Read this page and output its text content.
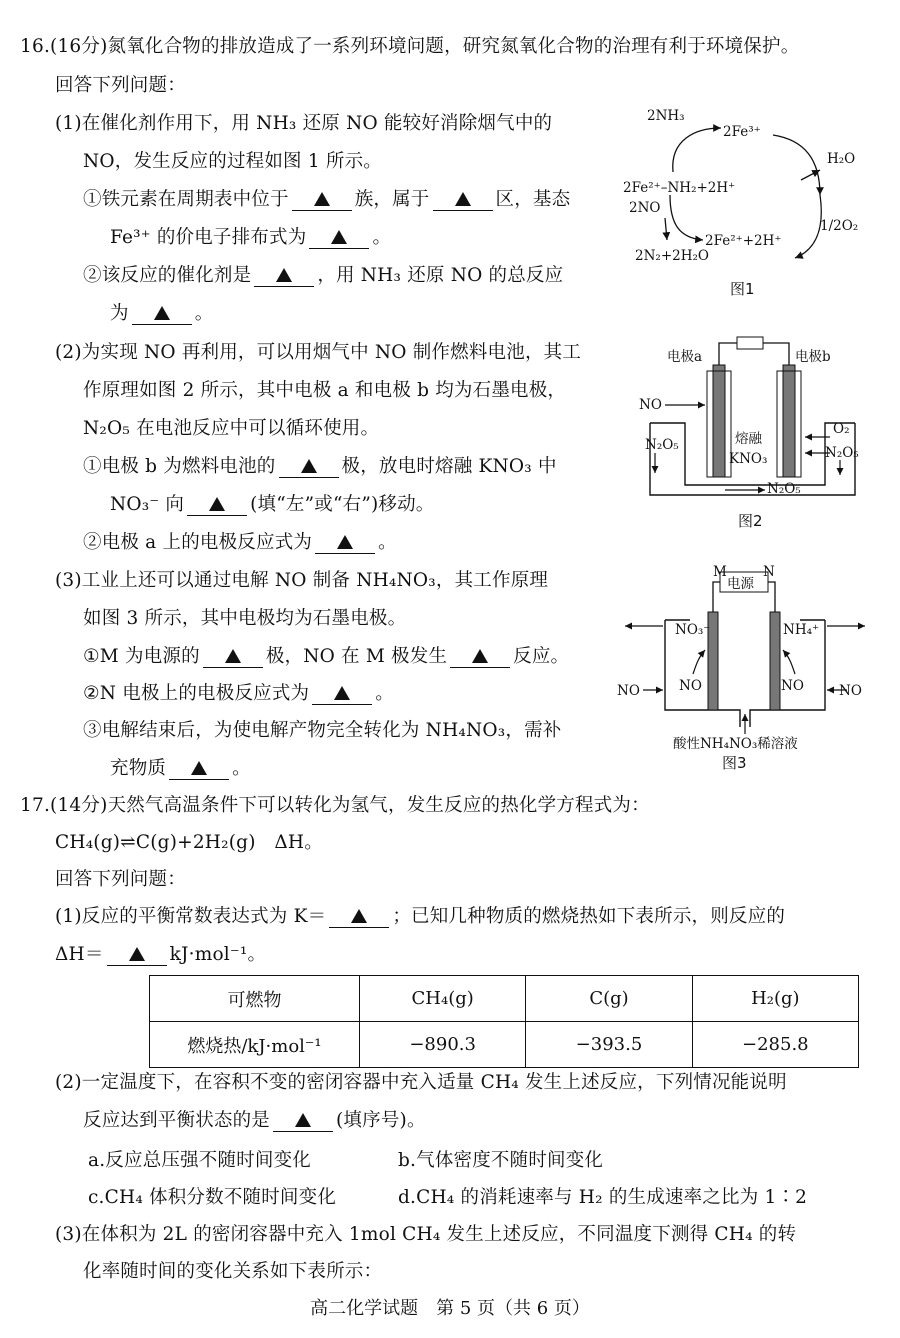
16.(16分)氮氧化合物的排放造成了一系列环境问题，研究氮氧化合物的治理有利于环境保护。
回答下列问题：
(1)在催化剂作用下，用 NH₃ 还原 NO 能较好消除烟气中的
NO，发生反应的过程如图 1 所示。
①铁元素在周期表中位于	族，属于	区，基态
Fe³⁺ 的价电子排布式为	。
②该反应的催化剂是	，用 NH₃ 还原 NO 的总反应
为	。
(2)为实现 NO 再利用，可以用烟气中 NO 制作燃料电池，其工
作原理如图 2 所示，其中电极 a 和电极 b 均为石墨电极，
N₂O₅ 在电池反应中可以循环使用。
①电极 b 为燃料电池的	极，放电时熔融 KNO₃ 中
NO₃⁻ 向	(填“左”或“右”)移动。
②电极 a 上的电极反应式为	。
(3)工业上还可以通过电解 NO 制备 NH₄NO₃，其工作原理
如图 3 所示，其中电极均为石墨电极。
①M 为电源的	极，NO 在 M 极发生	反应。
②N 电极上的电极反应式为	。
③电解结束后，为使电解产物完全转化为 NH₄NO₃，需补
充物质	。
2NH₃
2Fe³⁺
H₂O
2Fe²⁺–NH₂+2H⁺
2NO
1/2O₂
2Fe²⁺+2H⁺
2N₂+2H₂O
图1
电极a	电极b
NO
N₂O₅	熔融
KNO₃
O₂
N₂O₅
N₂O₅
图2
M	N
电源
NO₃⁻	NH₄⁺
NO	NO	NO	NO
酸性NH₄NO₃稀溶液
图3
17.(14分)天然气高温条件下可以转化为氢气，发生反应的热化学方程式为：
CH₄(g)⇌C(g)+2H₂(g)　ΔH。
回答下列问题：
(1)反应的平衡常数表达式为 K＝	；已知几种物质的燃烧热如下表所示，则反应的
ΔH＝	kJ·mol⁻¹。
可燃物	CH₄(g)	C(g)	H₂(g)
燃烧热/kJ·mol⁻¹	−890.3	−393.5	−285.8
(2)一定温度下，在容积不变的密闭容器中充入适量 CH₄ 发生上述反应，下列情况能说明
反应达到平衡状态的是	(填序号)。
a.反应总压强不随时间变化	b.气体密度不随时间变化
c.CH₄ 体积分数不随时间变化	d.CH₄ 的消耗速率与 H₂ 的生成速率之比为 1∶2
(3)在体积为 2L 的密闭容器中充入 1mol CH₄ 发生上述反应，不同温度下测得 CH₄ 的转
化率随时间的变化关系如下表所示：
高二化学试题　第 5 页（共 6 页）
